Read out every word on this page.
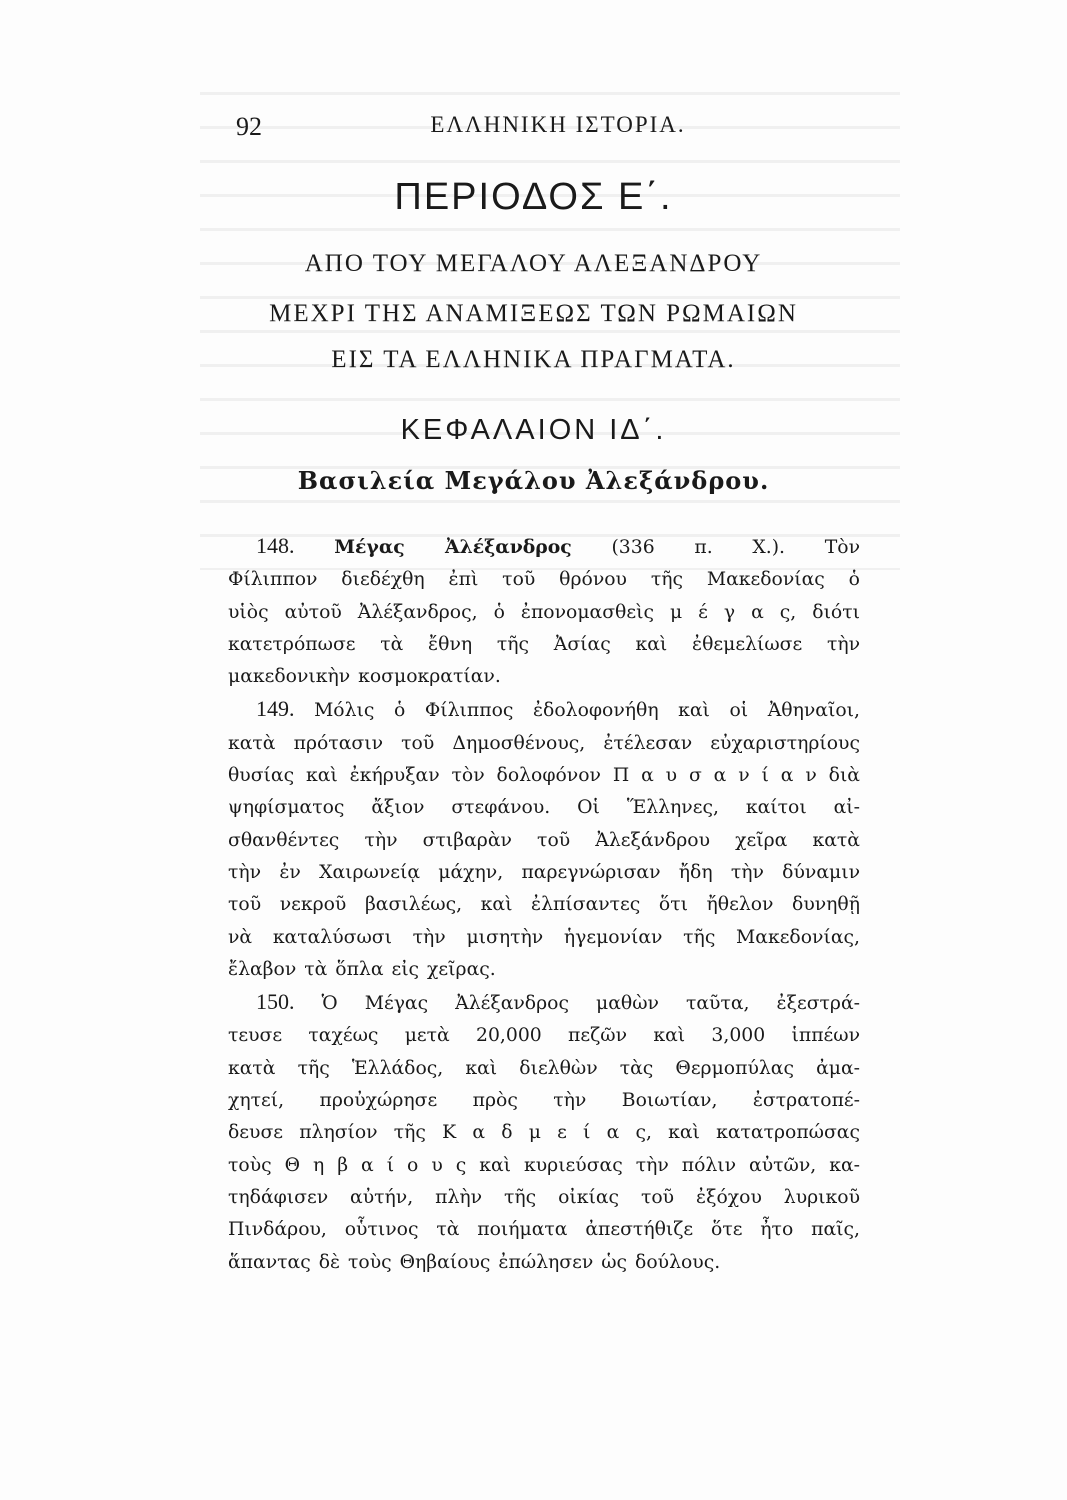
92	ΕΛΛΗΝΙΚΗ ΙΣΤΟΡΙΑ.
ΠΕΡΙΟΔΟΣ Ε΄.
ΑΠΟ ΤΟΥ ΜΕΓΑΛΟΥ ΑΛΕΞΑΝΔΡΟΥ
ΜΕΧΡΙ ΤΗΣ ΑΝΑΜΙΞΕΩΣ ΤΩΝ ΡΩΜΑΙΩΝ
ΕΙΣ ΤΑ ΕΛΛΗΝΙΚΑ ΠΡΑΓΜΑΤΑ.
ΚΕΦΑΛΑΙΟΝ ΙΔ΄.
Βασιλεία Μεγάλου Ἀλεξάνδρου.

148. Μέγας Ἀλέξανδρος (336 π. Χ.). Τὸν
Φίλιππον διεδέχθη ἐπὶ τοῦ θρόνου τῆς Μακεδονίας ὁ
υἱὸς αὐτοῦ Ἀλέξανδρος, ὁ ἐπονομασθεὶς μ έ γ α ς, διότι
κατετρόπωσε τὰ ἔθνη τῆς Ἀσίας καὶ ἐθεμελίωσε τὴν
μακεδονικὴν κοσμοκρατίαν.

149. Μόλις ὁ Φίλιππος ἐδολοφονήθη καὶ οἱ Ἀθηναῖοι,
κατὰ πρότασιν τοῦ Δημοσθένους, ἐτέλεσαν εὐχαριστηρίους
θυσίας καὶ ἐκήρυξαν τὸν δολοφόνον Π α υ σ α ν ί α ν διὰ
ψηφίσματος ἄξιον στεφάνου. Οἱ Ἕλληνες, καίτοι αἰ-
σθανθέντες τὴν στιβαρὰν τοῦ Ἀλεξάνδρου χεῖρα κατὰ
τὴν ἐν Χαιρωνείᾳ μάχην, παρεγνώρισαν ἤδη τὴν δύναμιν
τοῦ νεκροῦ βασιλέως, καὶ ἐλπίσαντες ὅτι ἤθελον δυνηθῇ
νὰ καταλύσωσι τὴν μισητὴν ἡγεμονίαν τῆς Μακεδονίας,
ἔλαβον τὰ ὅπλα εἰς χεῖρας.

150. Ὁ Μέγας Ἀλέξανδρος μαθὼν ταῦτα, ἐξεστρά-
τευσε ταχέως μετὰ 20,000 πεζῶν καὶ 3,000 ἱππέων
κατὰ τῆς Ἑλλάδος, καὶ διελθὼν τὰς Θερμοπύλας ἀμα-
χητεί, προὐχώρησε πρὸς τὴν Βοιωτίαν, ἐστρατοπέ-
δευσε πλησίον τῆς Κ α δ μ ε ί α ς, καὶ κατατροπώσας
τοὺς Θ η β α ί ο υ ς καὶ κυριεύσας τὴν πόλιν αὐτῶν, κα-
τηδάφισεν αὐτήν, πλὴν τῆς οἰκίας τοῦ ἐξόχου λυρικοῦ
Πινδάρου, οὗτινος τὰ ποιήματα ἀπεστήθιζε ὅτε ἦτο παῖς,
ἅπαντας δὲ τοὺς Θηβαίους ἐπώλησεν ὡς δούλους.
